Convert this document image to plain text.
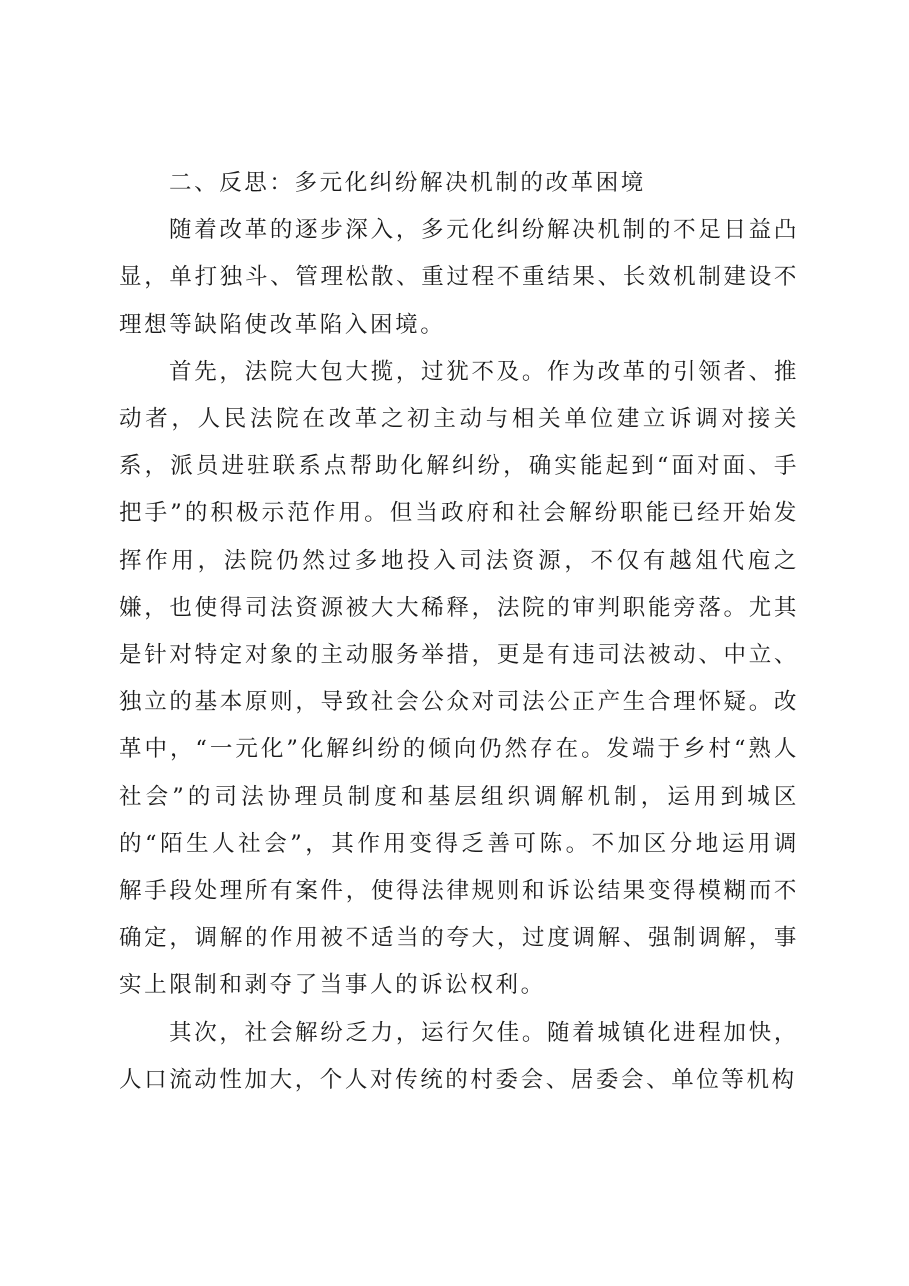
二、反思：多元化纠纷解决机制的改革困境

随着改革的逐步深入，多元化纠纷解决机制的不足日益凸显，单打独斗、管理松散、重过程不重结果、长效机制建设不理想等缺陷使改革陷入困境。

首先，法院大包大揽，过犹不及。作为改革的引领者、推动者，人民法院在改革之初主动与相关单位建立诉调对接关系，派员进驻联系点帮助化解纠纷，确实能起到“面对面、手把手”的积极示范作用。但当政府和社会解纷职能已经开始发挥作用，法院仍然过多地投入司法资源，不仅有越俎代庖之嫌，也使得司法资源被大大稀释，法院的审判职能旁落。尤其是针对特定对象的主动服务举措，更是有违司法被动、中立、独立的基本原则，导致社会公众对司法公正产生合理怀疑。改革中，“一元化”化解纠纷的倾向仍然存在。发端于乡村“熟人社会”的司法协理员制度和基层组织调解机制，运用到城区的“陌生人社会”，其作用变得乏善可陈。不加区分地运用调解手段处理所有案件，使得法律规则和诉讼结果变得模糊而不确定，调解的作用被不适当的夸大，过度调解、强制调解，事实上限制和剥夺了当事人的诉讼权利。

其次，社会解纷乏力，运行欠佳。随着城镇化进程加快，人口流动性加大，个人对传统的村委会、居委会、单位等机构
